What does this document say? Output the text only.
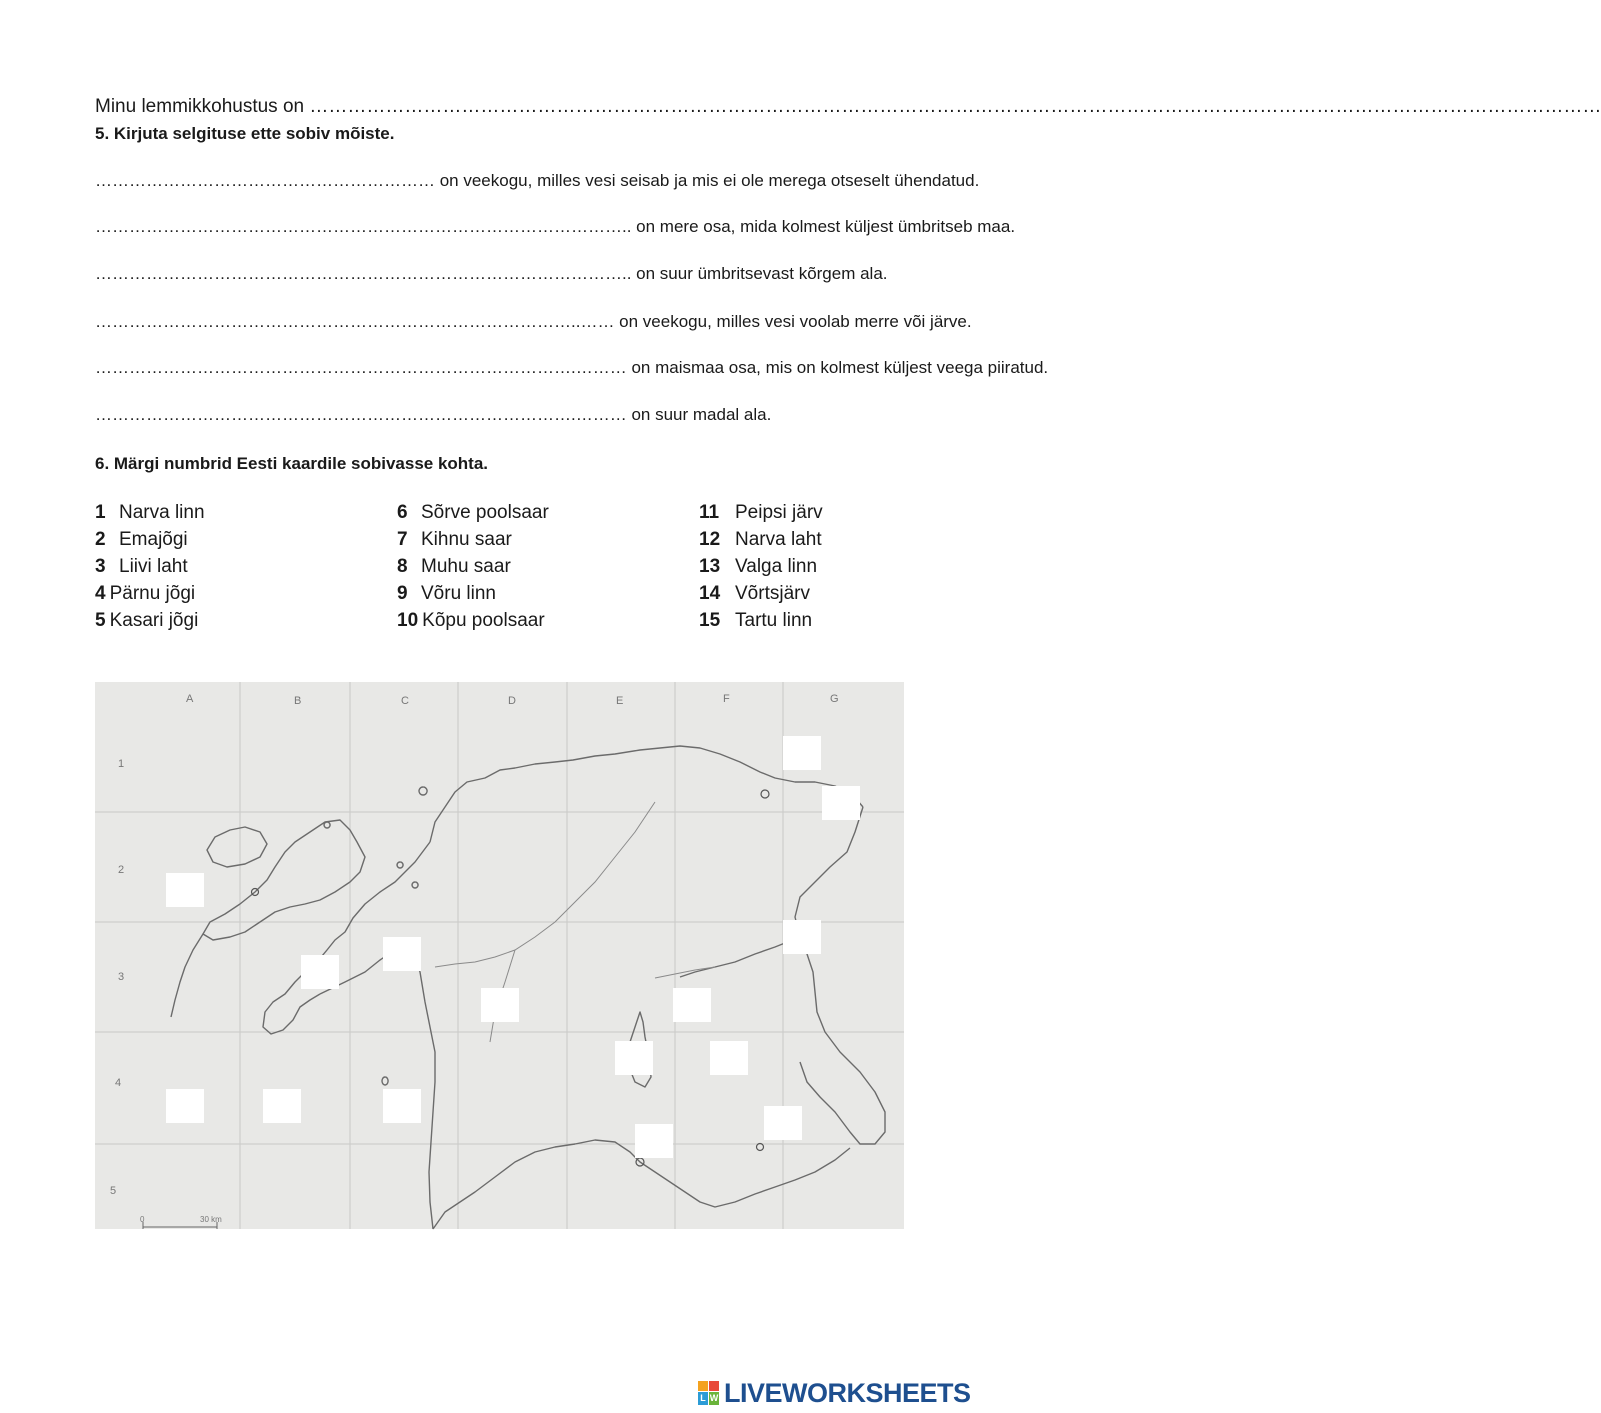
Minu lemmikkohustus on ……………………………………………………………………………………………………………………………………………………………………………………
5. Kirjuta selgituse ette sobiv mõiste.
…………………………………………………… on veekogu, milles vesi seisab ja mis ei ole merega otseselt ühendatud.
………………………………………………………………………………….. on mere osa, mida kolmest küljest ümbritseb maa.
………………………………………………………………………………….. on suur ümbritsevast kõrgem ala.
…………………………………………………………………………..…… on veekogu, milles vesi voolab merre või järve.
………………………………………………………………………….……… on maismaa osa, mis on kolmest küljest veega piiratud.
………………………………………………………………………….……… on suur madal ala.
6. Märgi numbrid Eesti kaardile sobivasse kohta.
1 Narva linn
2 Emajõgi
3 Liivi laht
4 Pärnu jõgi
5 Kasari jõgi
6 Sõrve poolsaar
7 Kihnu saar
8 Muhu saar
9 Võru linn
10 Kõpu poolsaar
11 Peipsi järv
12 Narva laht
13 Valga linn
14 Võrtsjärv
15 Tartu linn
A	B	C	D	E	F	G
1
2
3
4
5
0	30 km
L W LIVEWORKSHEETS
